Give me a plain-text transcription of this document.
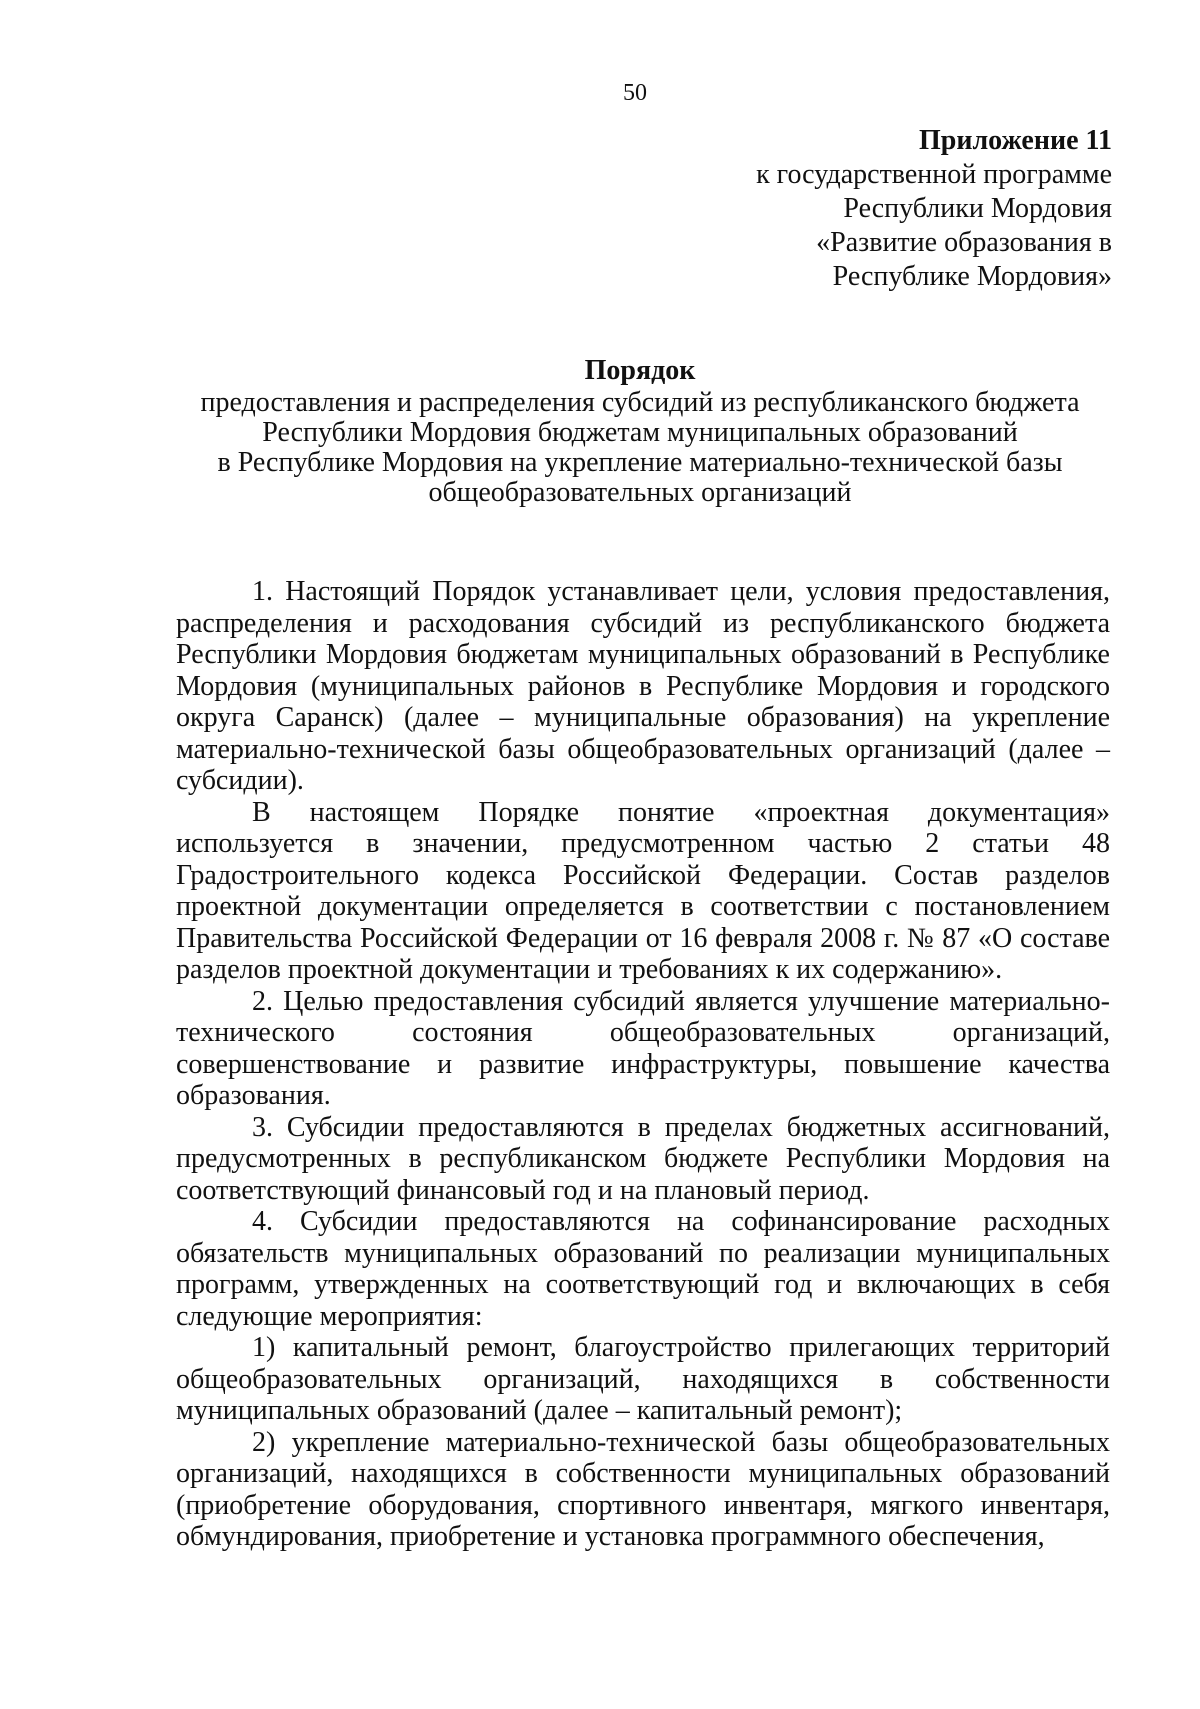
50
Приложение 11
к государственной программе
Республики Мордовия
«Развитие образования в
Республике Мордовия»
Порядок
предоставления и распределения субсидий из республиканского бюджета
Республики Мордовия бюджетам муниципальных образований
в Республике Мордовия на укрепление материально-технической базы
общеобразовательных организаций

1. Настоящий Порядок устанавливает цели, условия предоставления, распределения и расходования субсидий из республиканского бюджета Республики Мордовия бюджетам муниципальных образований в Республике Мордовия (муниципальных районов в Республике Мордовия и городского округа Саранск) (далее – муниципальные образования) на укрепление материально-технической базы общеобразовательных организаций (далее – субсидии).

В настоящем Порядке понятие «проектная документация» используется в значении, предусмотренном частью 2 статьи 48 Градостроительного кодекса Российской Федерации. Состав разделов проектной документации определяется в соответствии с постановлением Правительства Российской Федерации от 16 февраля 2008 г. № 87 «О составе разделов проектной документации и требованиях к их содержанию».

2. Целью предоставления субсидий является улучшение материально-технического состояния общеобразовательных организаций, совершенствование и развитие инфраструктуры, повышение качества образования.

3. Субсидии предоставляются в пределах бюджетных ассигнований, предусмотренных в республиканском бюджете Республики Мордовия на соответствующий финансовый год и на плановый период.

4. Субсидии предоставляются на софинансирование расходных обязательств муниципальных образований по реализации муниципальных программ, утвержденных на соответствующий год и включающих в себя следующие мероприятия:

1) капитальный ремонт, благоустройство прилегающих территорий общеобразовательных организаций, находящихся в собственности муниципальных образований (далее – капитальный ремонт);

2) укрепление материально-технической базы общеобразовательных организаций, находящихся в собственности муниципальных образований (приобретение оборудования, спортивного инвентаря, мягкого инвентаря, обмундирования, приобретение и установка программного обеспечения,
